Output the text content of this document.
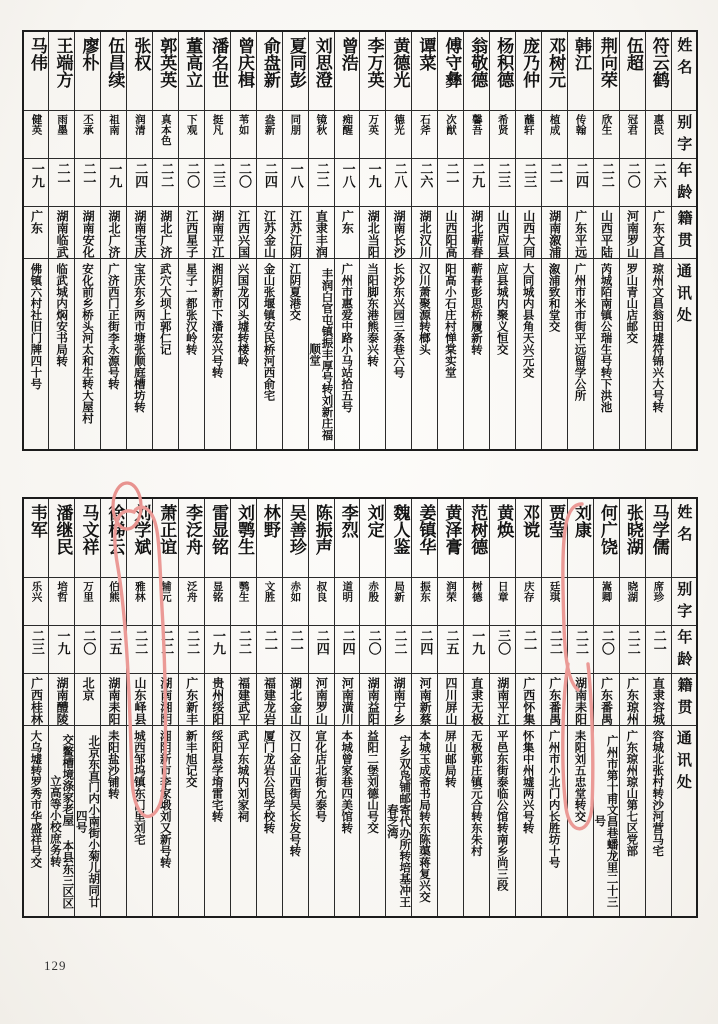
马伟	王端方	廖朴	伍昌续	张权	郭英英	董高立	潘名世	曾庆楫	俞盘新	夏同彭	刘思澄	曾浩	李万英	黄德光	谭菜	傅守彝	翁敬德	杨积德	庞乃仲	邓树元	韩江	荆向荣	伍超	符云鹤	姓名

健英	雨墨	丕承	祖南	润清	真本色	下观	挺凡	苇如	盎新	同朋	镜秋	痴醒	万英	德光	石斧	次猷	馨吾	希贤	蘸轩	植成	传翰	欣生	冠君	惠民	别字

一九	二一	二一	一九	二四	二二	二〇	二三	二〇	二四	一八	二二	一八	一九	二八	二六	二一	二九	二三	二三	二一	二四	二二	二〇	二六	年龄

广东	湖南临武	湖南安化	湖北广济	湖南宝庆	湖北广济	江西星子	湖南平江	江西兴国	江苏金山	江苏江阴	直隶丰润	广东	湖北当阳	湖南长沙	湖北汉川	山西阳高	湖北蕲春	山西应县	山西大同	湖南溆浦	广东平远	山西平陆	河南罗山	广东文昌	籍贯

佛镇六村社旧门牌四十号	临武城内焖安书局转	安化前乡桥头河太和生转大屋村	广济西门正街李永源号转	宝庆东乡两市塘张顺庭槽坊转	武穴大坝上郭仁记	星子一都张汉岭转	湘阴新市下潘宏兴号转	兴国龙冈头墟转楼岭	金山张堰镇安民桥河西俞宅	江阴夏港交	丰润白官屯镇振丰厚号转刘新庄福顺堂	广州市惠爱中路小马站拾五号	当阳脚东港熊泰兴转	长沙东兴园三条巷六号	汉川萧聚源转榔头	阳高小石庄村惮棠实堂	蕲春彭思桥履新转	应县城内聚义恒交	大同城内县角天兴元交	溆浦致和堂交	广州市米市街平远留学公所	芮城陌南镇公瑞生号转下洪池	罗山青山店邮交	琼州文昌翁田墟符锦兴大号转	通讯处
韦军	潘继民	马文祥	徐梯云	刘学斌	萧正谊	李泛舟	雷显铭	刘鹗生	林野	吴善珍	陈振声	李烈	刘定	魏人鉴	姜镇华	黄泽膏	范树德	黄焕	邓谠	贾莹	刘康	何广饶	张晓湖	马学儒	姓名

乐兴	培哲	万里	伯熊	雅林	辅元	泛舟	显铭	鹗生	文胜	赤如	叔良	道明	赤殷	局新	振东	润荣	树德	日章	庆存	廷琪		嵩卿	晓湖	席珍	别字

二三	一九	二〇	二五	二二	二二	二二	一九	二二	二一	二一	二四	二四	二〇	二二	二四	二五	一九	三〇	二一	二二	二二	二〇	二二	二一	年龄

广西桂林	湖南醴陵	北京	湖南耒阳	山东峄县	湖南湘阴	广东新丰	贵州绥阳	福建武平	福建龙岩	湖北金山	河南罗山	河南潢川	湖南益阳	湖南宁乡	河南新蔡	四川屏山	直隶无极	湖南平江	广西怀集	广东番禺	湖南耒阳	广东番禺	广东琼州	直隶容城	籍贯

大乌墟转罗秀市华盛祥号交	交鳖槽境涤家老屋 本县东三区区立高等小校庶务转	北京东直门内小南街小菊儿胡同廿四号	耒阳盐沙铺转	城西邹坞镇东门里刘宅	湘阴新市李家塅刘又新号转	新丰旭记交	绥阳县学堉雷宅转	武平东城内刘家祠	厦门龙岩公民学校转	汉口金山西街吴长发号转	宣化店北街允泰号	本城曾家巷四美馆转	益阳二堡刘德山号交	宁乡双凫铺邮寄代办所转培基冲王春芝湾	本城玉成斋书局转东陈蕖蒋复兴交	屏山邮局转	无极郭庄镇元合转东朱村	平邑东街泰临公馆转南乡尚三段	怀集中州墟两兴号转	广州市小北门内长胜坊十号	耒阳刘五忠堂转交	广州市第十甫文昌巷蟠龙里二十三号	广东琼州琼山第七区党部	容城北张村转沙河营马宅	通讯处
129
